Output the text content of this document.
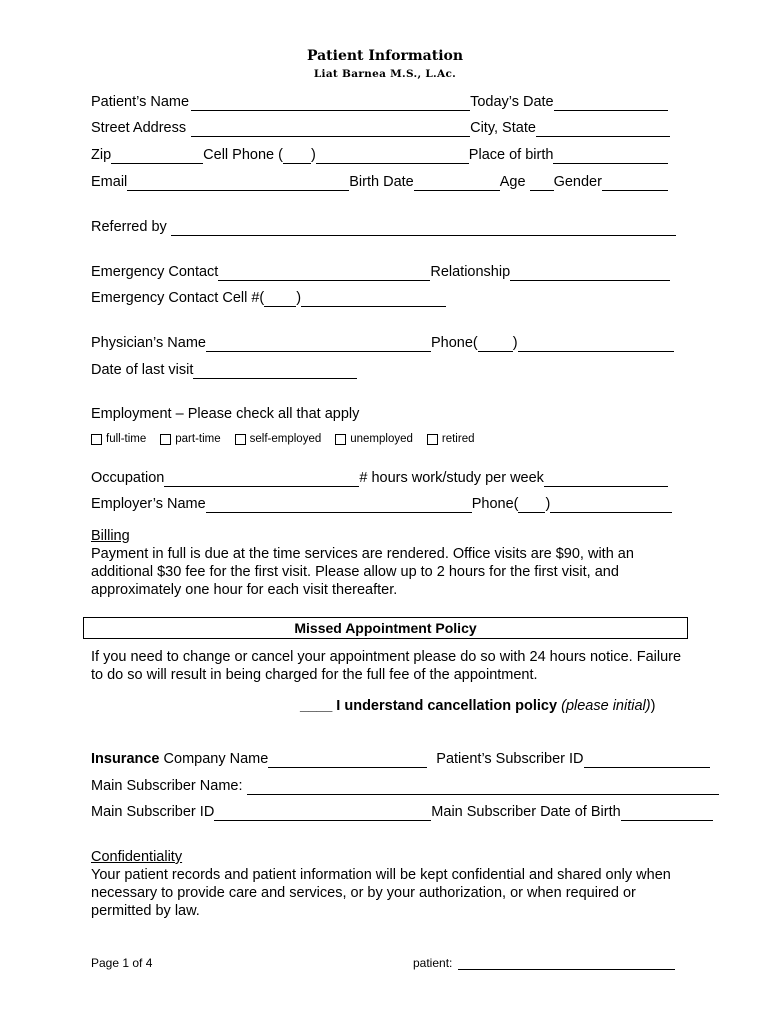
Patient Information
Liat Barnea M.S., L.Ac.
Patient’s Name	Today’s Date
Street Address	City, State
Zip	Cell Phone ( )	Place of birth
Email	Birth Date	Age Gender
Referred by
Emergency Contact	Relationship
Emergency Contact Cell #( )
Physician’s Name	Phone( )
Date of last visit
Employment – Please check all that apply
full-time	part-time	self-employed	unemployed	retired
Occupation	# hours work/study per week
Employer’s Name	Phone( )
Billing
Payment in full is due at the time services are rendered. Office visits are $90, with an additional $30 fee for the first visit. Please allow up to 2 hours for the first visit, and approximately one hour for each visit thereafter.
Missed Appointment Policy
If you need to change or cancel your appointment please do so with 24 hours notice. Failure to do so will result in being charged for the full fee of the appointment.
____ I understand cancellation policy (please initial))
Insurance Company Name	Patient’s Subscriber ID
Main Subscriber Name:
Main Subscriber ID	Main Subscriber Date of Birth
Confidentiality
Your patient records and patient information will be kept confidential and shared only when necessary to provide care and services, or by your authorization, or when required or permitted by law.
Page 1 of 4	patient:
